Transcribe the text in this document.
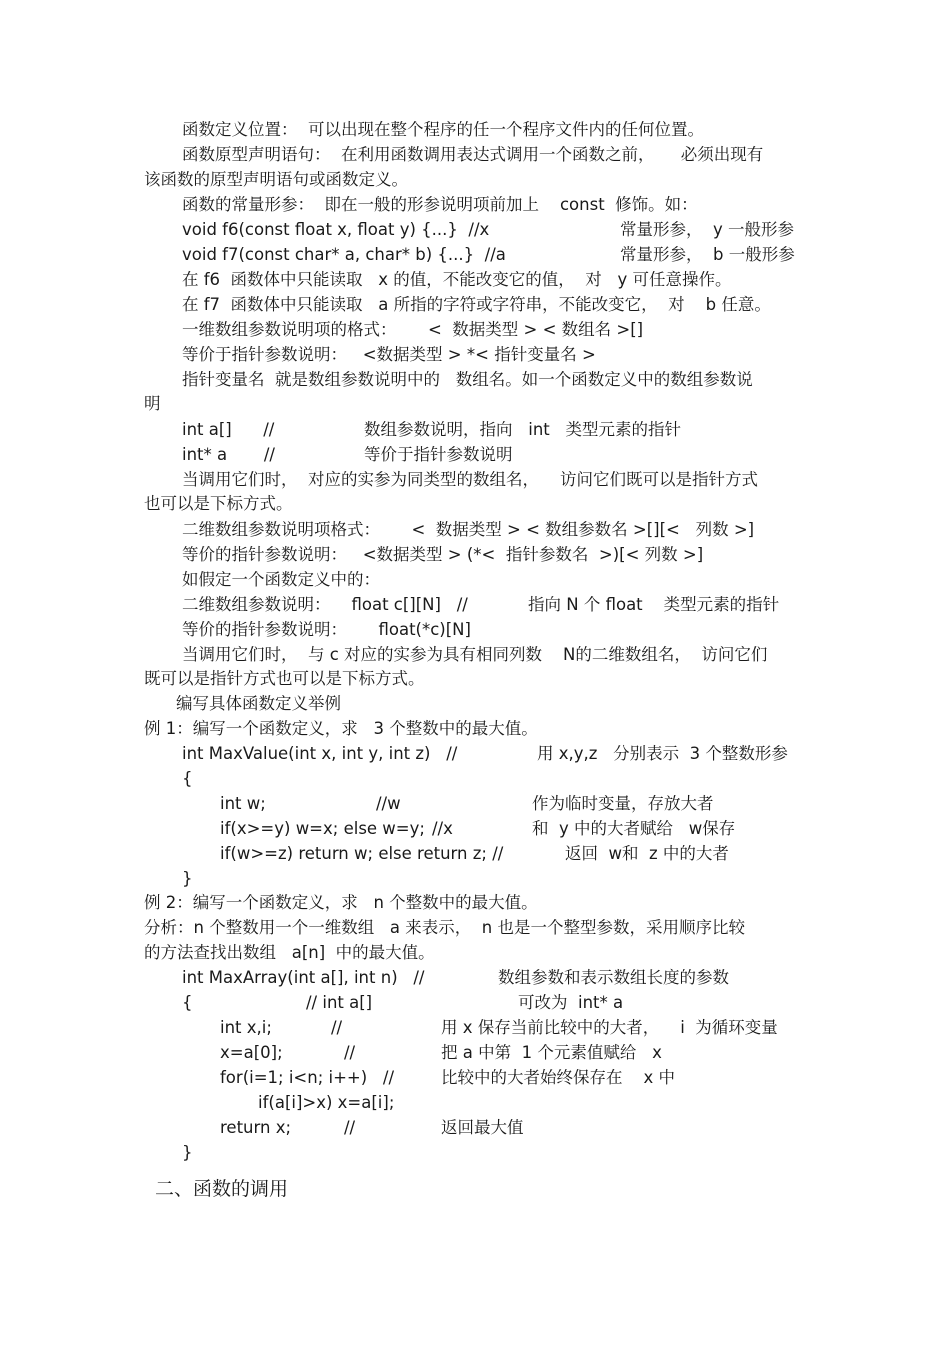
函数定义位置：  可以出现在整个程序的任一个程序文件内的任何位置。
函数原型声明语句：  在利用函数调用表达式调用一个函数之前，     必须出现有
该函数的原型声明语句或函数定义。
函数的常量形参：  即在一般的形参说明项前加上    const  修饰。如：
void f6(const float x, float y) {...}  //x	常量形参，  y 一般形参
void f7(const char* a, char* b) {...}  //a	常量形参，  b 一般形参
在 f6  函数体中只能读取   x 的值，不能改变它的值，  对   y 可任意操作。
在 f7  函数体中只能读取   a 所指的字符或字符串，不能改变它，  对    b 任意。
一维数组参数说明项的格式：      <  数据类型 > < 数组名 >[]
等价于指针参数说明：   <数据类型 > *< 指针变量名 >
指针变量名  就是数组参数说明中的   数组名。如一个函数定义中的数组参数说
明
int a[]      //	数组参数说明，指向   int   类型元素的指针
int* a       //	等价于指针参数说明
当调用它们时，  对应的实参为同类型的数组名，    访问它们既可以是指针方式
也可以是下标方式。
二维数组参数说明项格式：      <  数据类型 > < 数组参数名 >[][<   列数 >]
等价的指针参数说明：   <数据类型 > (*<  指针参数名  >)[< 列数 >]
如假定一个函数定义中的：
二维数组参数说明：    float c[][N]   //	指向 N 个 float    类型元素的指针
等价的指针参数说明：      float(*c)[N]
当调用它们时，  与 c 对应的实参为具有相同列数    N的二维数组名，  访问它们
既可以是指针方式也可以是下标方式。
编写具体函数定义举例
例 1：编写一个函数定义，求   3 个整数中的最大值。
int MaxValue(int x, int y, int z)   //	用 x,y,z   分别表示  3 个整数形参
{
int w;	//w	作为临时变量，存放大者
if(x>=y) w=x; else w=y; //x	和  y 中的大者赋给   w保存
if(w>=z) return w; else return z; //	返回  w和  z 中的大者
}
例 2：编写一个函数定义，求   n 个整数中的最大值。
分析：n 个整数用一个一维数组   a 来表示，  n 也是一个整型参数，采用顺序比较
的方法查找出数组   a[n]  中的最大值。
int MaxArray(int a[], int n)   //	数组参数和表示数组长度的参数
{	// int a[]	可改为  int* a
int x,i;	//	用 x 保存当前比较中的大者，    i  为循环变量
x=a[0];	//	把 a 中第  1 个元素值赋给   x
for(i=1; i<n; i++)   //	比较中的大者始终保存在    x 中
if(a[i]>x) x=a[i];
return x;	//	返回最大值
}
二、函数的调用
